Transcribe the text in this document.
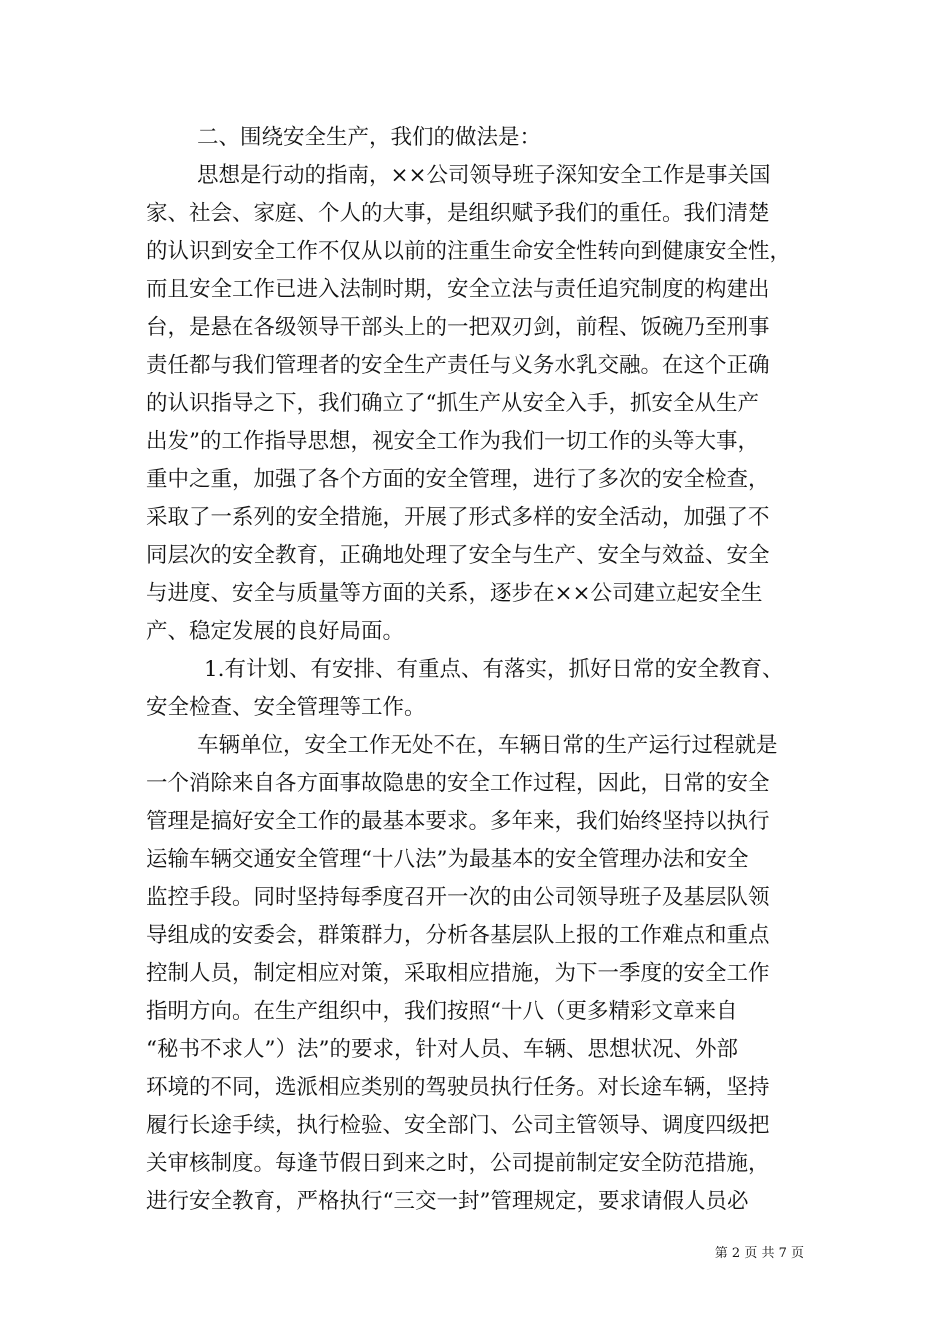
二、围绕安全生产，我们的做法是：
思想是行动的指南，××公司领导班子深知安全工作是事关国
家、社会、家庭、个人的大事，是组织赋予我们的重任。我们清楚
的认识到安全工作不仅从以前的注重生命安全性转向到健康安全性，
而且安全工作已进入法制时期，安全立法与责任追究制度的构建出
台，是悬在各级领导干部头上的一把双刃剑，前程、饭碗乃至刑事
责任都与我们管理者的安全生产责任与义务水乳交融。在这个正确
的认识指导之下，我们确立了“抓生产从安全入手，抓安全从生产
出发”的工作指导思想，视安全工作为我们一切工作的头等大事，
重中之重，加强了各个方面的安全管理，进行了多次的安全检查，
采取了一系列的安全措施，开展了形式多样的安全活动，加强了不
同层次的安全教育，正确地处理了安全与生产、安全与效益、安全
与进度、安全与质量等方面的关系，逐步在××公司建立起安全生
产、稳定发展的良好局面。
1.有计划、有安排、有重点、有落实，抓好日常的安全教育、
安全检查、安全管理等工作。
车辆单位，安全工作无处不在，车辆日常的生产运行过程就是
一个消除来自各方面事故隐患的安全工作过程，因此，日常的安全
管理是搞好安全工作的最基本要求。多年来，我们始终坚持以执行
运输车辆交通安全管理“十八法”为最基本的安全管理办法和安全
监控手段。同时坚持每季度召开一次的由公司领导班子及基层队领
导组成的安委会，群策群力，分析各基层队上报的工作难点和重点
控制人员，制定相应对策，采取相应措施，为下一季度的安全工作
指明方向。在生产组织中，我们按照“十八（更多精彩文章来自
“秘书不求人”）法”的要求，针对人员、车辆、思想状况、外部
环境的不同，选派相应类别的驾驶员执行任务。对长途车辆，坚持
履行长途手续，执行检验、安全部门、公司主管领导、调度四级把
关审核制度。每逢节假日到来之时，公司提前制定安全防范措施，
进行安全教育，严格执行“三交一封”管理规定，要求请假人员必
第 2 页 共 7 页
